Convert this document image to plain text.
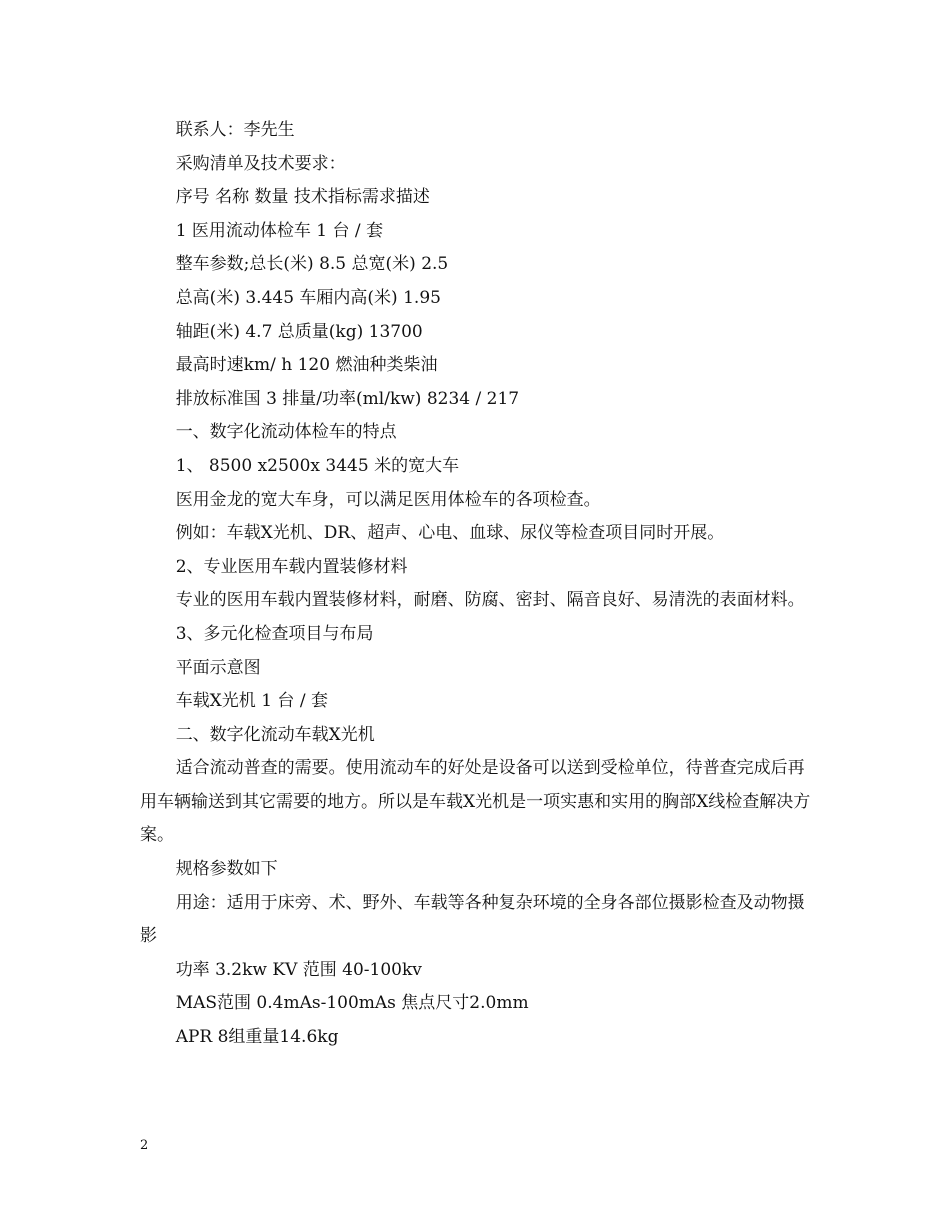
联系人：李先生

采购清单及技术要求：

序号 名称 数量 技术指标需求描述

1 医用流动体检车 1 台 / 套

整车参数;总长(米) 8.5 总宽(米) 2.5

总高(米) 3.445 车厢内高(米) 1.95

轴距(米) 4.7 总质量(kg) 13700

最高时速km/ h 120 燃油种类柴油

排放标准国 3 排量/功率(ml/kw) 8234 / 217

一、数字化流动体检车的特点

1、 8500 x2500x 3445 米的宽大车

医用金龙的宽大车身，可以满足医用体检车的各项检查。

例如：车载X光机、DR、超声、心电、血球、尿仪等检查项目同时开展。

2、专业医用车载内置装修材料

专业的医用车载内置装修材料，耐磨、防腐、密封、隔音良好、易清洗的表面材料。

3、多元化检查项目与布局

平面示意图

车载X光机 1 台 / 套

二、数字化流动车载X光机

适合流动普查的需要。使用流动车的好处是设备可以送到受检单位，待普查完成后再用车辆输送到其它需要的地方。所以是车载X光机是一项实惠和实用的胸部X线检查解决方案。

规格参数如下

用途：适用于床旁、术、野外、车载等各种复杂环境的全身各部位摄影检查及动物摄影

功率 3.2kw KV 范围 40-100kv

MAS范围 0.4mAs-100mAs 焦点尺寸2.0mm

APR 8组重量14.6kg

2
